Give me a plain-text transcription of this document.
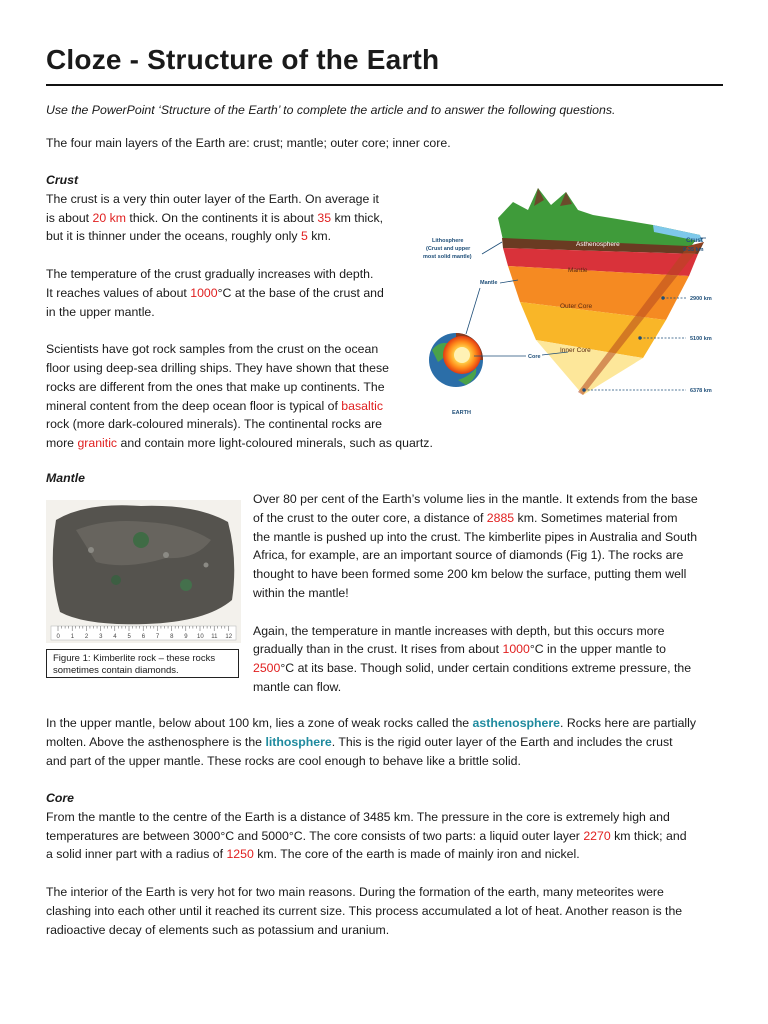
Cloze - Structure of the Earth

Use the PowerPoint ‘Structure of the Earth’ to complete the article and to answer the following questions.

The four main layers of the Earth are: crust; mantle; outer core; inner core.

Crust

The crust is a very thin outer layer of the Earth. On average it
is about 20 km thick. On the continents it is about 35 km thick,
but it is thinner under the oceans, roughly only 5 km.

The temperature of the crust gradually increases with depth.
It reaches values of about 1000°C at the base of the crust and
in the upper mantle.

Scientists have got rock samples from the crust on the ocean
floor using deep-sea drilling ships. They have shown that these
rocks are different from the ones that make up continents. The
mineral content from the deep ocean floor is typical of basaltic
rock (more dark-coloured minerals). The continental rocks are
more granitic and contain more light-coloured minerals, such as quartz.

Asthenosphere
Mantle
Outer Core
Inner Core
Crust
0-35 km
2900 km
5100 km
6378 km
Lithosphere
(Crust and upper
most solid mantle)
EARTH
Mantle
Core
Mantle
0 1 2 3 4 5 6 7 8 9 10 11 12
Figure 1: Kimberlite rock – these rocks sometimes contain diamonds.

Over 80 per cent of the Earth’s volume lies in the mantle. It extends from the base
of the crust to the outer core, a distance of 2885 km. Sometimes material from
the mantle is pushed up into the crust. The kimberlite pipes in Australia and South
Africa, for example, are an important source of diamonds (Fig 1). The rocks are
thought to have been formed some 200 km below the surface, putting them well
within the mantle!

Again, the temperature in mantle increases with depth, but this occurs more
gradually than in the crust. It rises from about 1000°C in the upper mantle to
2500°C at its base. Though solid, under certain conditions extreme pressure, the
mantle can flow.

In the upper mantle, below about 100 km, lies a zone of weak rocks called the asthenosphere. Rocks here are partially
molten. Above the asthenosphere is the lithosphere. This is the rigid outer layer of the Earth and includes the crust
and part of the upper mantle. These rocks are cool enough to behave like a brittle solid.

Core

From the mantle to the centre of the Earth is a distance of 3485 km. The pressure in the core is extremely high and
temperatures are between 3000°C and 5000°C. The core consists of two parts: a liquid outer layer 2270 km thick; and
a solid inner part with a radius of 1250 km. The core of the earth is made of mainly iron and nickel.

The interior of the Earth is very hot for two main reasons. During the formation of the earth, many meteorites were
clashing into each other until it reached its current size. This process accumulated a lot of heat. Another reason is the
radioactive decay of elements such as potassium and uranium.
